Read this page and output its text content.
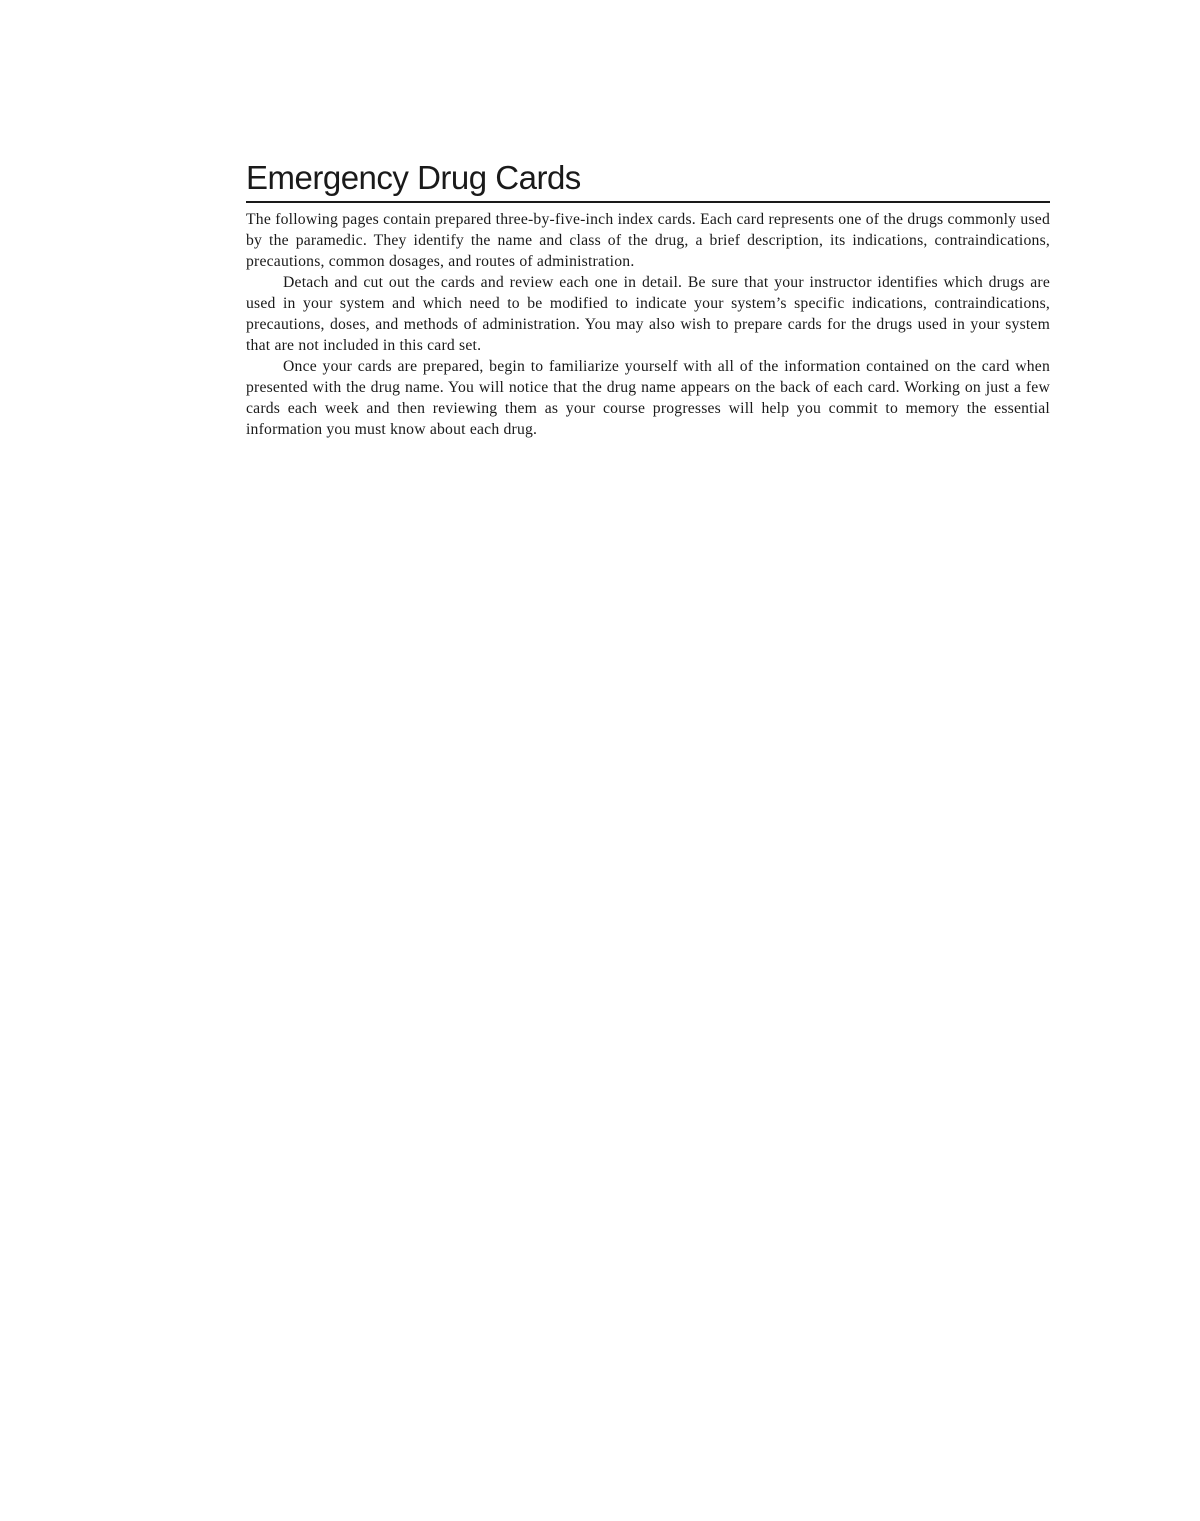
Emergency Drug Cards

The following pages contain prepared three-by-five-inch index cards. Each card represents one of the drugs commonly used by the paramedic. They identify the name and class of the drug, a brief description, its indications, contraindications, precautions, common dosages, and routes of administration.

Detach and cut out the cards and review each one in detail. Be sure that your instructor identifies which drugs are used in your system and which need to be modified to indicate your system’s specific indications, contraindications, precautions, doses, and methods of administration. You may also wish to prepare cards for the drugs used in your system that are not included in this card set.

Once your cards are prepared, begin to familiarize yourself with all of the information contained on the card when presented with the drug name. You will notice that the drug name appears on the back of each card. Working on just a few cards each week and then reviewing them as your course progresses will help you commit to memory the essential information you must know about each drug.
